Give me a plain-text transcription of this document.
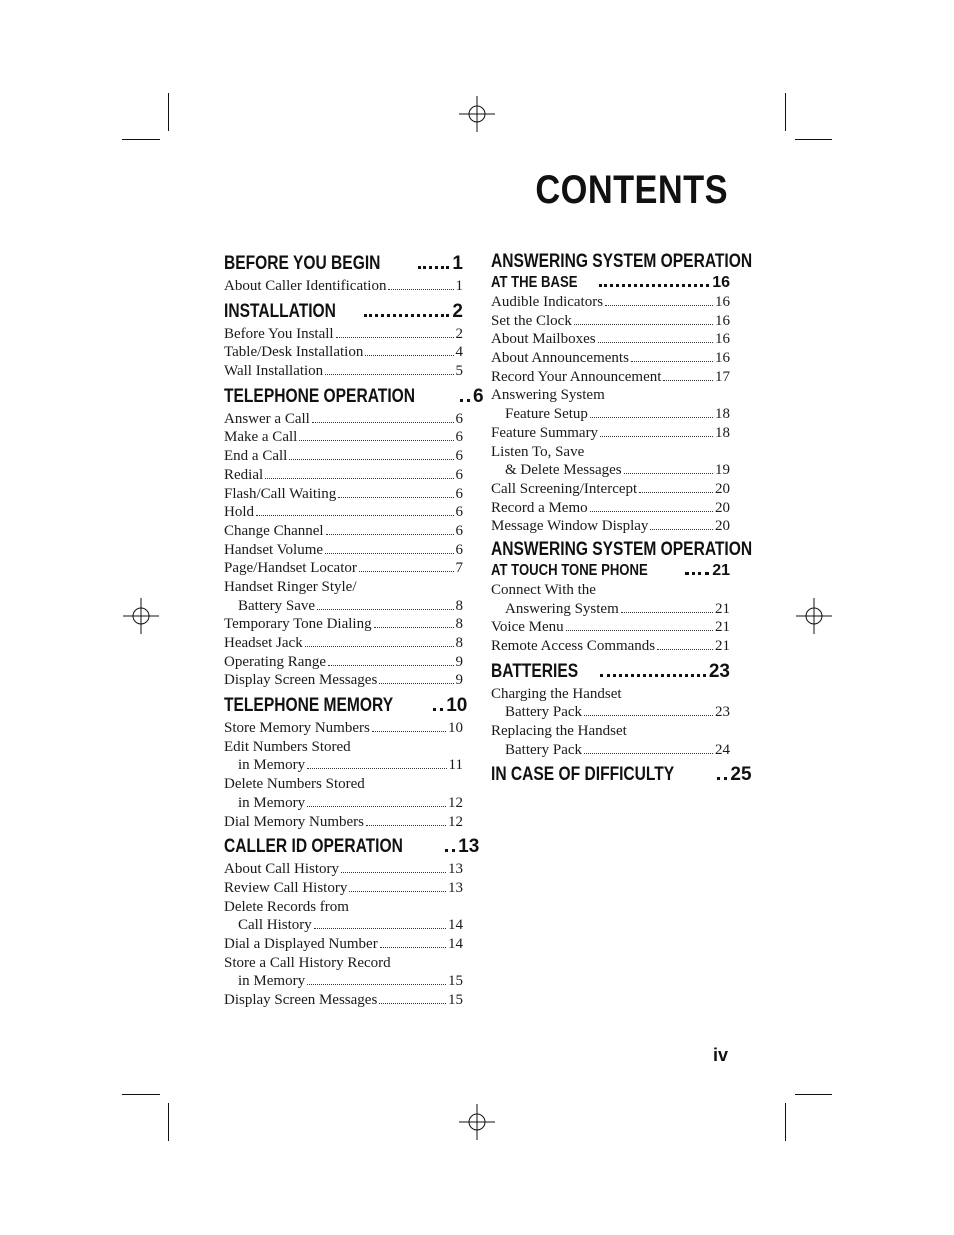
CONTENTS
BEFORE YOU BEGIN	1
About Caller Identification	1
INSTALLATION	2
Before You Install	2
Table/Desk Installation	4
Wall Installation	5
TELEPHONE OPERATION	6
Answer a Call	6
Make a Call	6
End a Call	6
Redial	6
Flash/Call Waiting	6
Hold	6
Change Channel	6
Handset Volume	6
Page/Handset Locator	7
Handset Ringer Style/
Battery Save	8
Temporary Tone Dialing	8
Headset Jack	8
Operating Range	9
Display Screen Messages	9
TELEPHONE MEMORY	10
Store Memory Numbers	10
Edit Numbers Stored
in Memory	11
Delete Numbers Stored
in Memory	12
Dial Memory Numbers	12
CALLER ID OPERATION	13
About Call History	13
Review Call History	13
Delete Records from
Call History	14
Dial a Displayed Number	14
Store a Call History Record
in Memory	15
Display Screen Messages	15
ANSWERING SYSTEM OPERATION
AT THE BASE	16
Audible Indicators	16
Set the Clock	16
About Mailboxes	16
About Announcements	16
Record Your Announcement	17
Answering System
Feature Setup	18
Feature Summary	18
Listen To, Save
& Delete Messages	19
Call Screening/Intercept	20
Record a Memo	20
Message Window Display	20
ANSWERING SYSTEM OPERATION
AT TOUCH TONE PHONE	21
Connect With the
Answering System	21
Voice Menu	21
Remote Access Commands	21
BATTERIES	23
Charging the Handset
Battery Pack	23
Replacing the Handset
Battery Pack	24
IN CASE OF DIFFICULTY	25
iv
